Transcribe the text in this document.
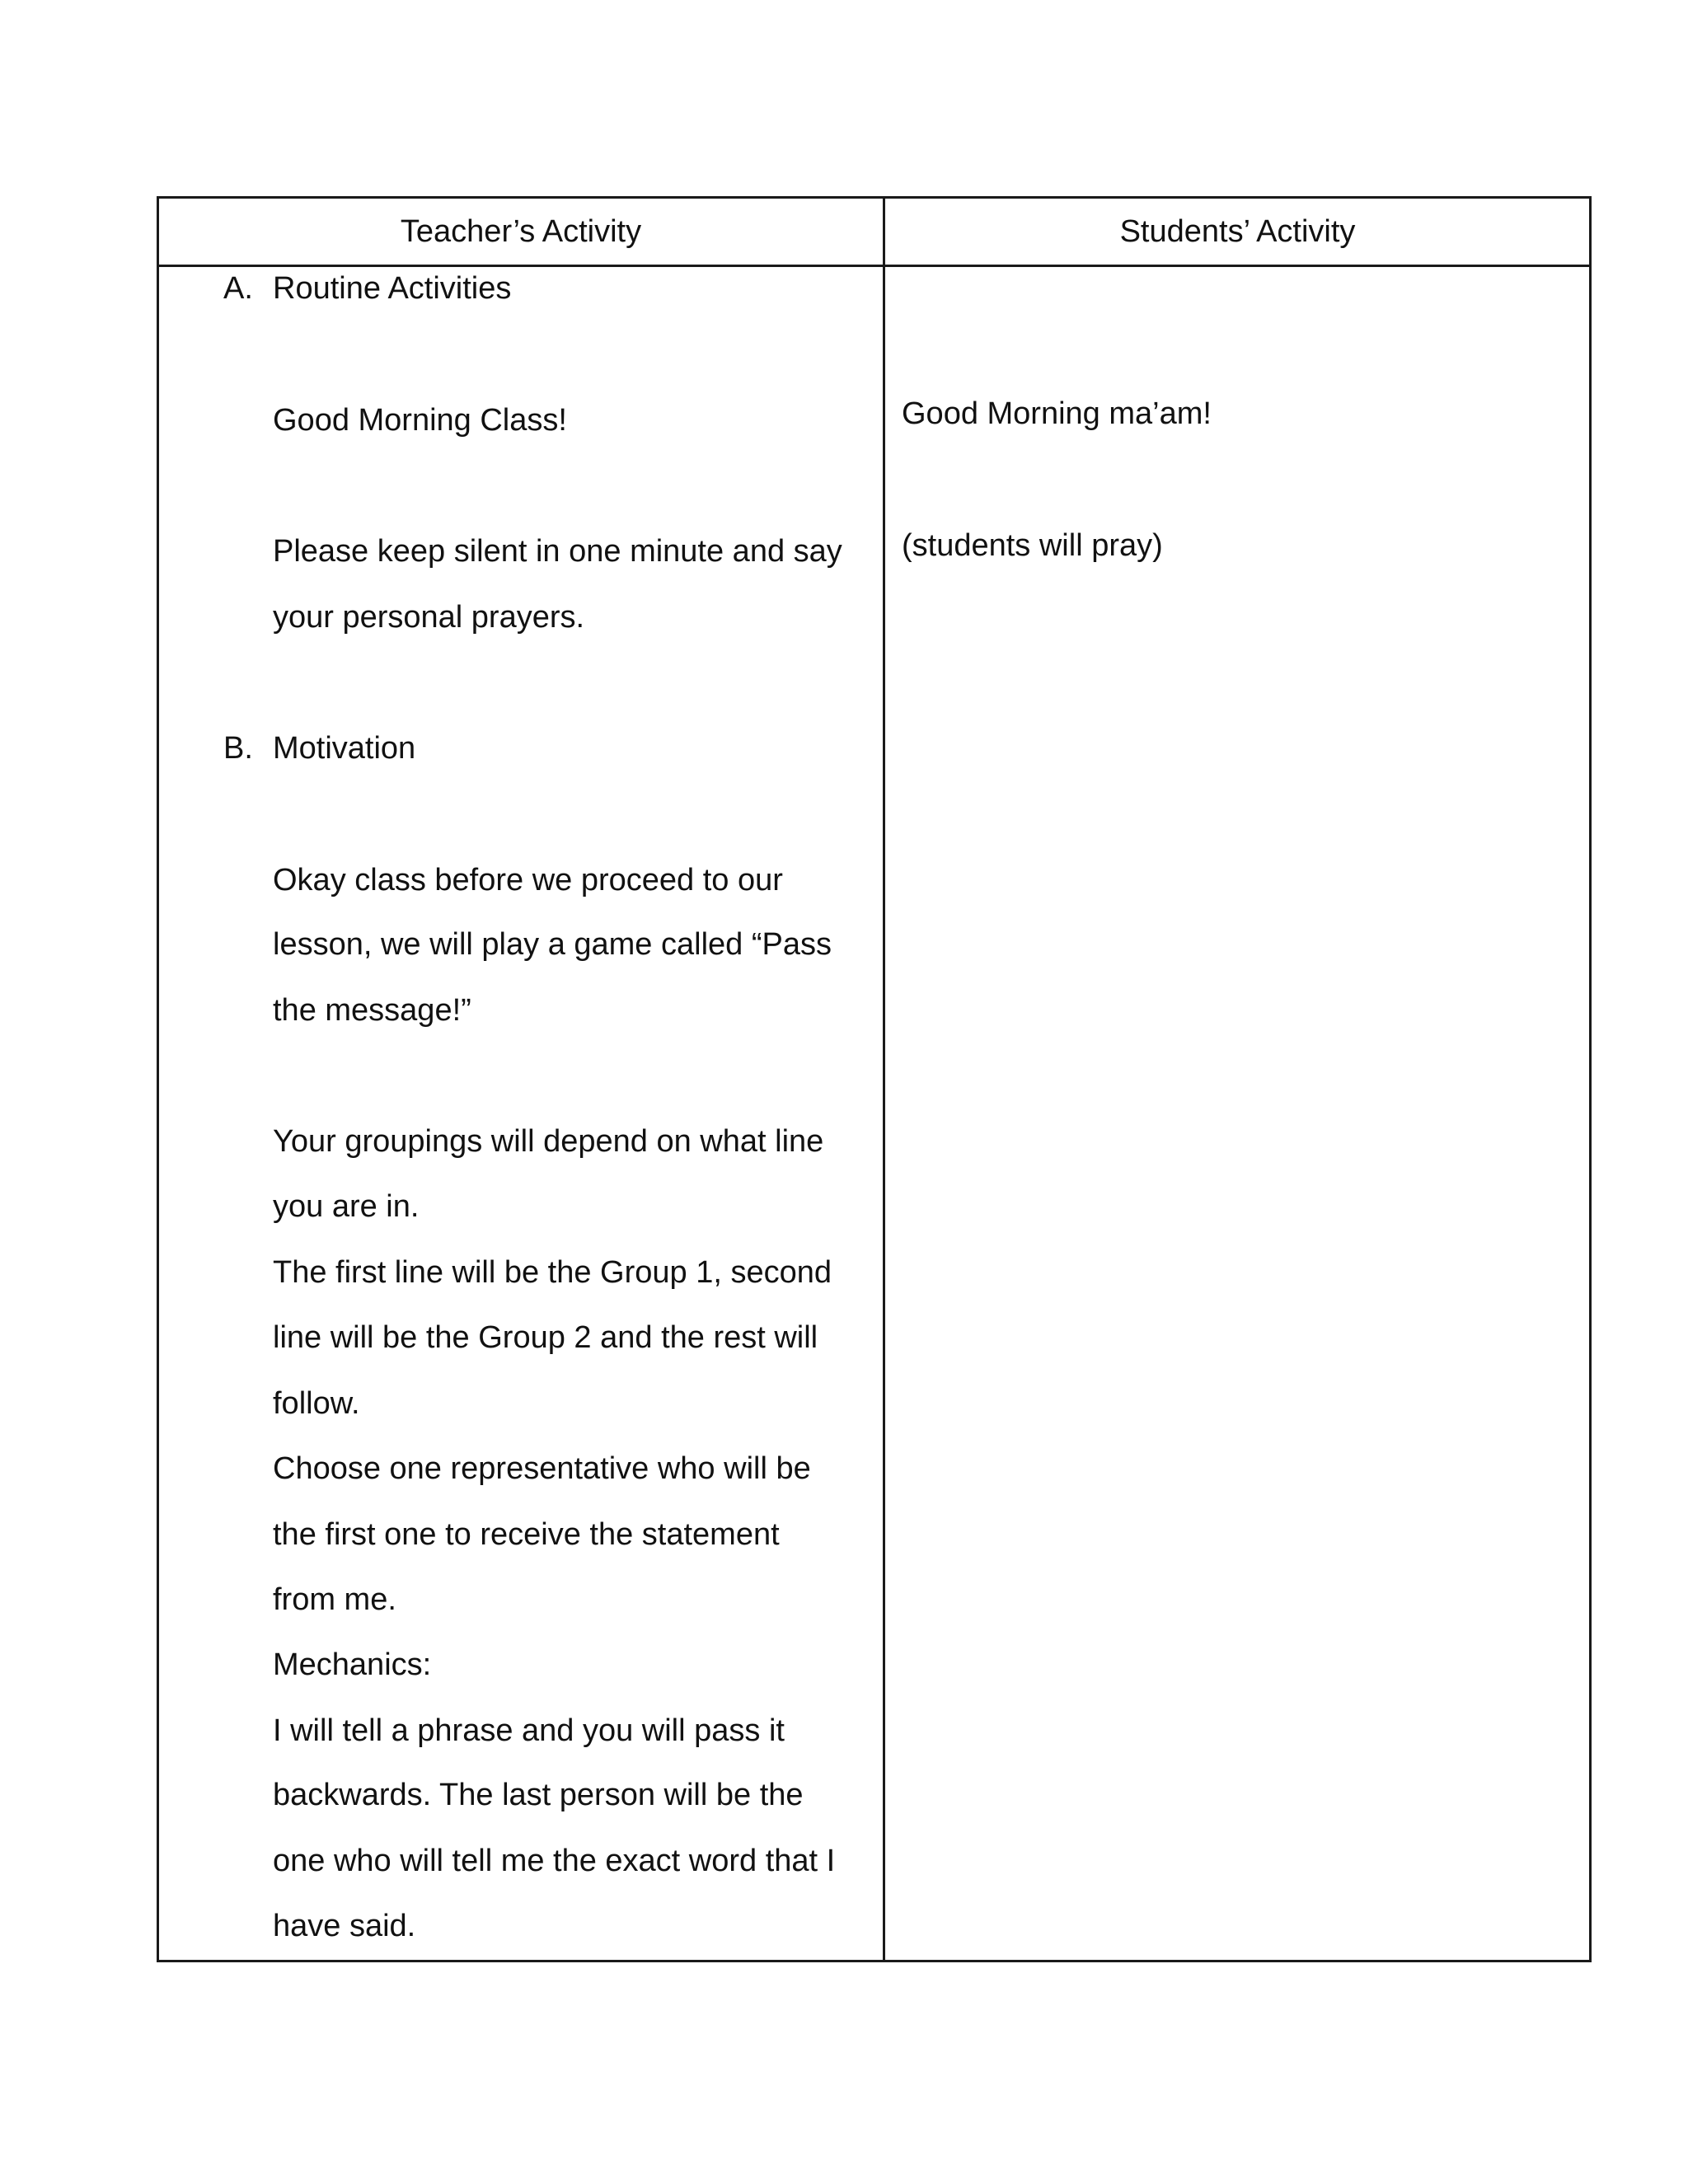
Teacher’s Activity	Students’ Activity
A. Routine Activities
Good Morning Class!
Please keep silent in one minute and say
your personal prayers.
B. Motivation
Okay class before we proceed to our
lesson, we will play a game called “Pass
the message!”
Your groupings will depend on what line
you are in.
The first line will be the Group 1, second
line will be the Group 2 and the rest will
follow.
Choose one representative who will be
the first one to receive the statement
from me.
Mechanics:
I will tell a phrase and you will pass it
backwards. The last person will be the
one who will tell me the exact word that I
have said.
Good Morning ma’am!
(students will pray)
